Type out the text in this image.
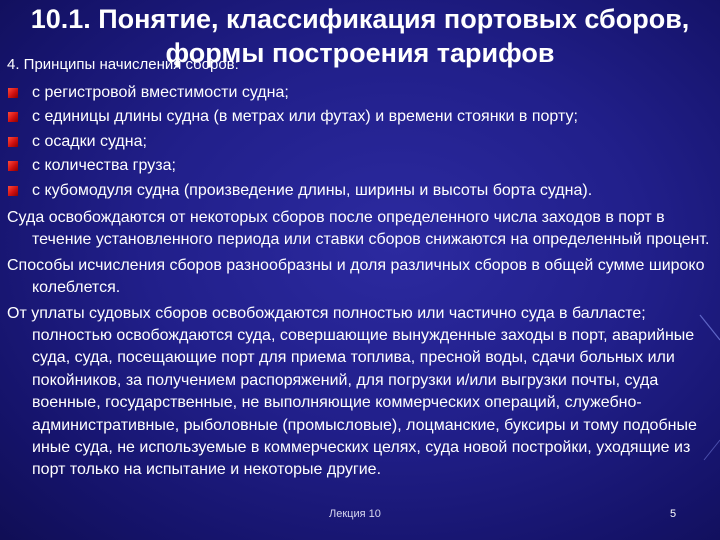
10.1. Понятие, классификация портовых сборов,
формы построения тарифов
4. Принципы начисления сборов:
с регистровой вместимости судна;
с единицы длины судна (в метрах или футах) и времени стоянки в порту;
с осадки судна;
с количества груза;
с кубомодуля судна (произведение длины, ширины и высоты борта судна).

Суда освобождаются от некоторых сборов после определенного числа заходов в порт в течение установленного периода или ставки сборов снижаются на определенный процент.

Способы исчисления сборов разнообразны и доля различных сборов в общей сумме широко колеблется.

От уплаты судовых сборов освобождаются полностью или частично суда в балласте; полностью освобождаются суда, совершающие вынужденные заходы в порт, аварийные суда, суда, посещающие порт для приема топлива, пресной воды, сдачи больных или покойников, за получением распоряжений, для погрузки и/или выгрузки почты, суда военные, государственные, не выполняющие коммерческих операций, служебно-административные, рыболовные (промысловые), лоцманские, буксиры и тому подобные иные суда, не используемые в коммерческих целях, суда новой постройки, уходящие из порт только на испытание и некоторые другие.

Лекция 10	5
